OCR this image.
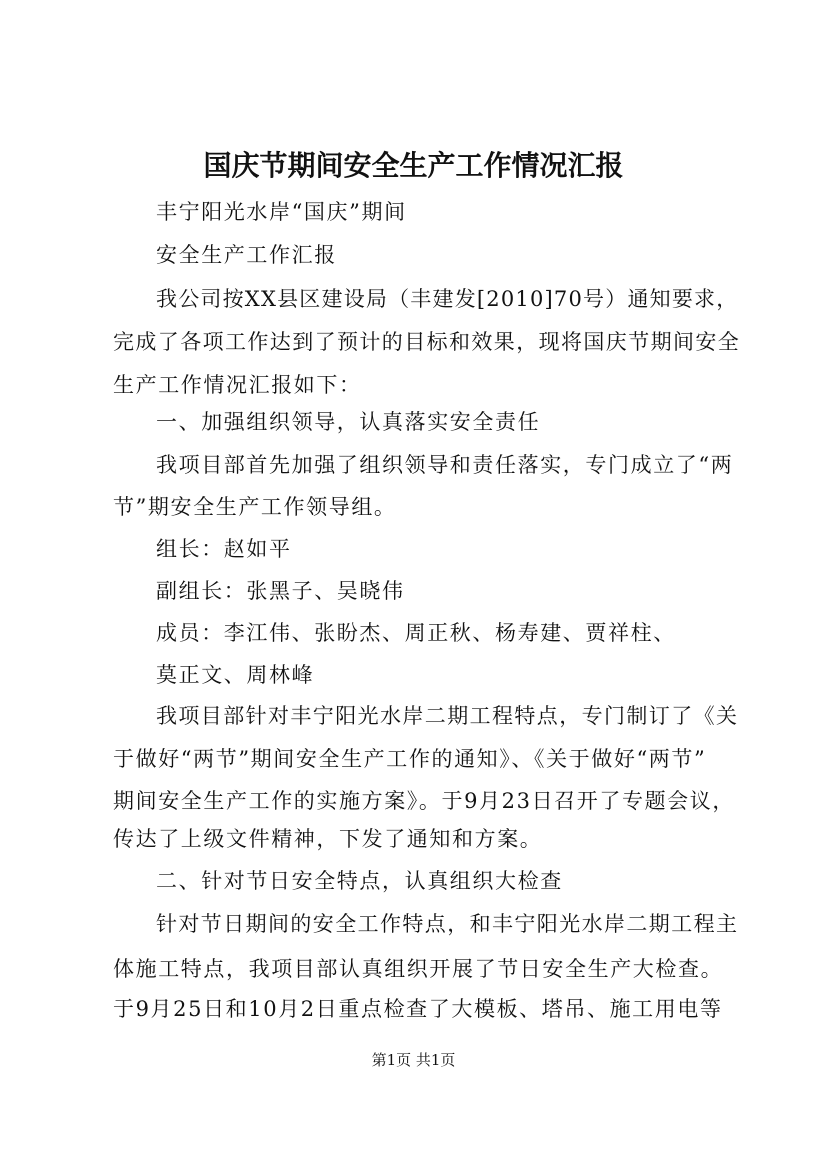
国庆节期间安全生产工作情况汇报
丰宁阳光水岸“国庆”期间
安全生产工作汇报
我公司按XX县区建设局（丰建发[2010]70号）通知要求，
完成了各项工作达到了预计的目标和效果，现将国庆节期间安全
生产工作情况汇报如下：
一、加强组织领导，认真落实安全责任
我项目部首先加强了组织领导和责任落实，专门成立了“两
节”期安全生产工作领导组。
组长：赵如平
副组长：张黑子、吴晓伟
成员：李江伟、张盼杰、周正秋、杨寿建、贾祥柱、
莫正文、周林峰
我项目部针对丰宁阳光水岸二期工程特点，专门制订了《关
于做好“两节”期间安全生产工作的通知》、《关于做好“两节”
期间安全生产工作的实施方案》。于9月23日召开了专题会议，
传达了上级文件精神，下发了通知和方案。
二、针对节日安全特点，认真组织大检查
针对节日期间的安全工作特点，和丰宁阳光水岸二期工程主
体施工特点，我项目部认真组织开展了节日安全生产大检查。
于9月25日和10月2日重点检查了大模板、塔吊、施工用电等
第1页 共1页
